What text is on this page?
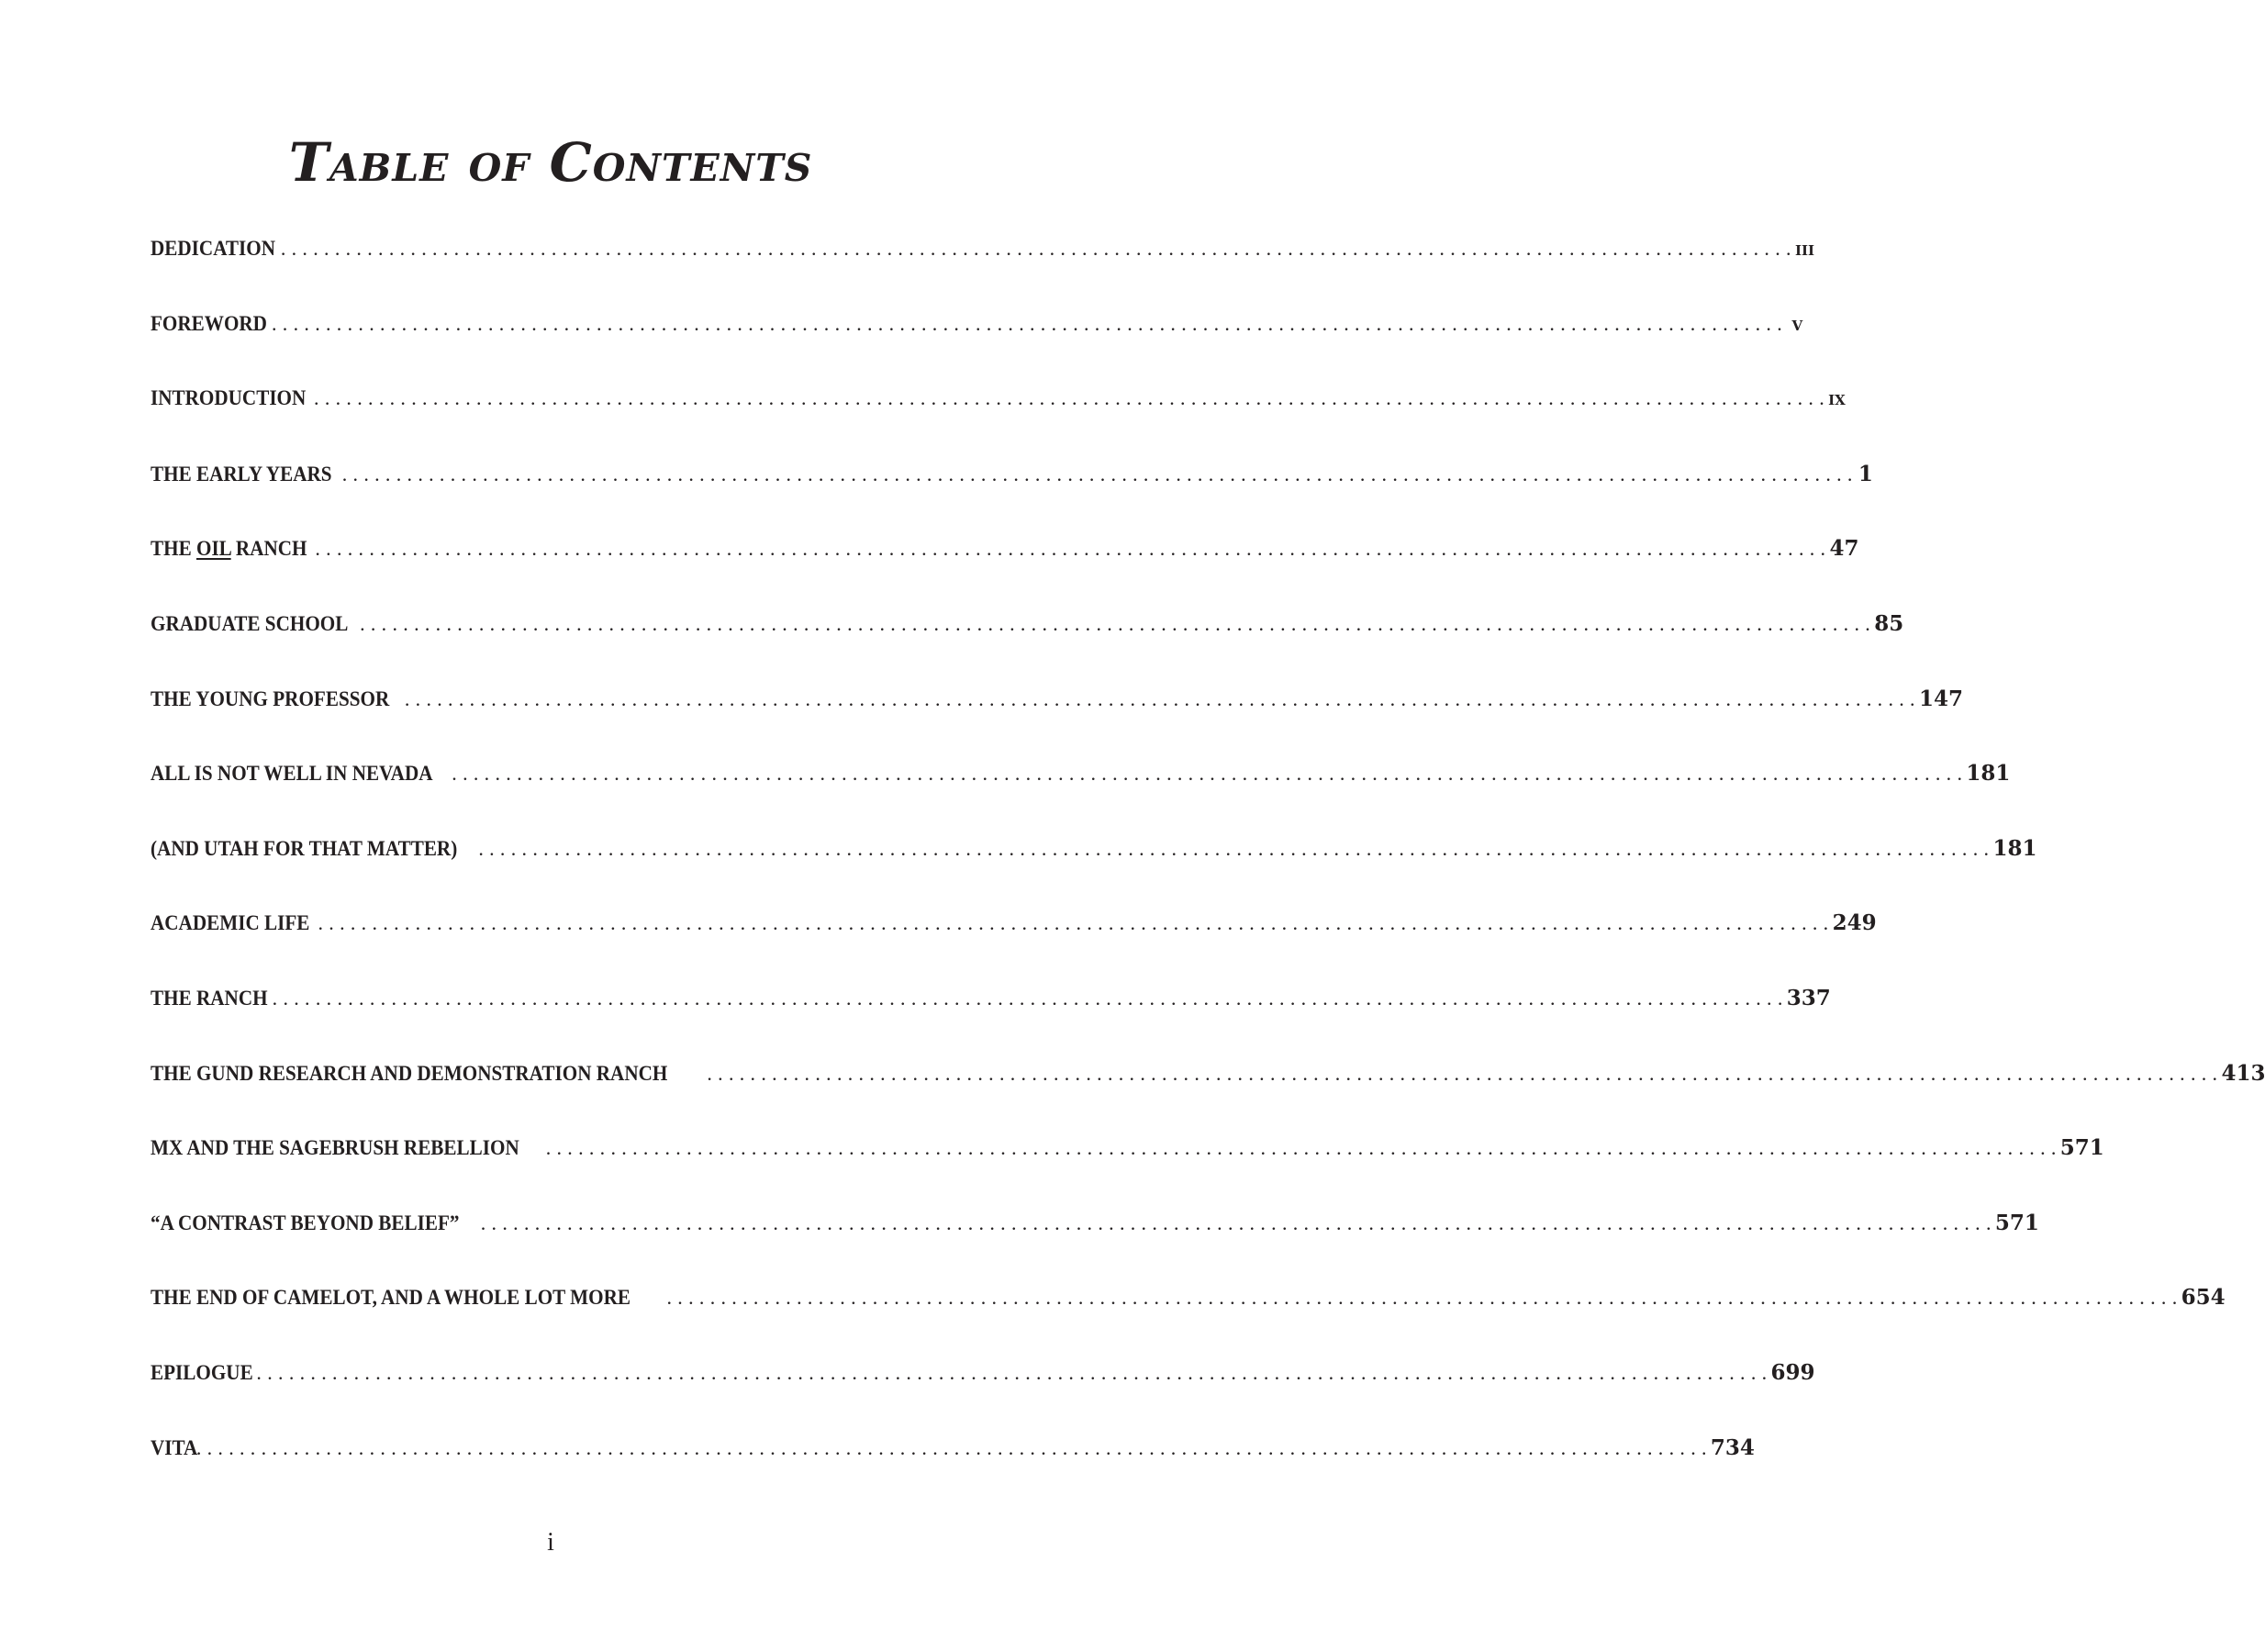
Table of Contents
DEDICATION . . . . . . . . . . . . . . . . . . . . . . . . . . . . . . . . . . . . . . . . . . . . . . . . . . . . . . . . . . . . . . . . . . . . . . . . . . . . . . . . . . . . . . . . . . . . . . . . . . . . . . . . . . . . . . . . . . . . . . . . . . . . . . . . . . . . . . . . . . . . iii
FOREWORD . . . . . . . . . . . . . . . . . . . . . . . . . . . . . . . . . . . . . . . . . . . . . . . . . . . . . . . . . . . . . . . . . . . . . . . . . . . . . . . . . . . . . . . . . . . . . . . . . . . . . . . . . . . . . . . . . . . . . . . . . . . . . . . . . . . . . . . . . . . . v
INTRODUCTION . . . . . . . . . . . . . . . . . . . . . . . . . . . . . . . . . . . . . . . . . . . . . . . . . . . . . . . . . . . . . . . . . . . . . . . . . . . . . . . . . . . . . . . . . . . . . . . . . . . . . . . . . . . . . . . . . . . . . . . . . . . . . . . . . . . . . . . . . . . . ix
THE EARLY YEARS . . . . . . . . . . . . . . . . . . . . . . . . . . . . . . . . . . . . . . . . . . . . . . . . . . . . . . . . . . . . . . . . . . . . . . . . . . . . . . . . . . . . . . . . . . . . . . . . . . . . . . . . . . . . . . . . . . . . . . . . . . . . . . . . . . . . . . . . . . . . 1
THE OIL RANCH . . . . . . . . . . . . . . . . . . . . . . . . . . . . . . . . . . . . . . . . . . . . . . . . . . . . . . . . . . . . . . . . . . . . . . . . . . . . . . . . . . . . . . . . . . . . . . . . . . . . . . . . . . . . . . . . . . . . . . . . . . . . . . . . . . . . . . . . . . . . 47
GRADUATE SCHOOL . . . . . . . . . . . . . . . . . . . . . . . . . . . . . . . . . . . . . . . . . . . . . . . . . . . . . . . . . . . . . . . . . . . . . . . . . . . . . . . . . . . . . . . . . . . . . . . . . . . . . . . . . . . . . . . . . . . . . . . . . . . . . . . . . . . . . . . . . . . . 85
THE YOUNG PROFESSOR . . . . . . . . . . . . . . . . . . . . . . . . . . . . . . . . . . . . . . . . . . . . . . . . . . . . . . . . . . . . . . . . . . . . . . . . . . . . . . . . . . . . . . . . . . . . . . . . . . . . . . . . . . . . . . . . . . . . . . . . . . . . . . . . . . . . . . . . . . . . 147
ALL IS NOT WELL IN NEVADA . . . . . . . . . . . . . . . . . . . . . . . . . . . . . . . . . . . . . . . . . . . . . . . . . . . . . . . . . . . . . . . . . . . . . . . . . . . . . . . . . . . . . . . . . . . . . . . . . . . . . . . . . . . . . . . . . . . . . . . . . . . . . . . . . . . . . . . . . . . . 181
(AND UTAH FOR THAT MATTER) . . . . . . . . . . . . . . . . . . . . . . . . . . . . . . . . . . . . . . . . . . . . . . . . . . . . . . . . . . . . . . . . . . . . . . . . . . . . . . . . . . . . . . . . . . . . . . . . . . . . . . . . . . . . . . . . . . . . . . . . . . . . . . . . . . . . . . . . . . . . 181
ACADEMIC LIFE . . . . . . . . . . . . . . . . . . . . . . . . . . . . . . . . . . . . . . . . . . . . . . . . . . . . . . . . . . . . . . . . . . . . . . . . . . . . . . . . . . . . . . . . . . . . . . . . . . . . . . . . . . . . . . . . . . . . . . . . . . . . . . . . . . . . . . . . . . . . 249
THE RANCH . . . . . . . . . . . . . . . . . . . . . . . . . . . . . . . . . . . . . . . . . . . . . . . . . . . . . . . . . . . . . . . . . . . . . . . . . . . . . . . . . . . . . . . . . . . . . . . . . . . . . . . . . . . . . . . . . . . . . . . . . . . . . . . . . . . . . . . . . . . . 337
THE GUND RESEARCH AND DEMONSTRATION RANCH . . . . . . . . . . . . . . . . . . . . . . . . . . . . . . . . . . . . . . . . . . . . . . . . . . . . . . . . . . . . . . . . . . . . . . . . . . . . . . . . . . . . . . . . . . . . . . . . . . . . . . . . . . . . . . . . . . . . . . . . . . . . . . . . . . . . . . . . . . . . 413
MX AND THE SAGEBRUSH REBELLION . . . . . . . . . . . . . . . . . . . . . . . . . . . . . . . . . . . . . . . . . . . . . . . . . . . . . . . . . . . . . . . . . . . . . . . . . . . . . . . . . . . . . . . . . . . . . . . . . . . . . . . . . . . . . . . . . . . . . . . . . . . . . . . . . . . . . . . . . . . . 571
“A CONTRAST BEYOND BELIEF” . . . . . . . . . . . . . . . . . . . . . . . . . . . . . . . . . . . . . . . . . . . . . . . . . . . . . . . . . . . . . . . . . . . . . . . . . . . . . . . . . . . . . . . . . . . . . . . . . . . . . . . . . . . . . . . . . . . . . . . . . . . . . . . . . . . . . . . . . . . . 571
THE END OF CAMELOT, AND A WHOLE LOT MORE . . . . . . . . . . . . . . . . . . . . . . . . . . . . . . . . . . . . . . . . . . . . . . . . . . . . . . . . . . . . . . . . . . . . . . . . . . . . . . . . . . . . . . . . . . . . . . . . . . . . . . . . . . . . . . . . . . . . . . . . . . . . . . . . . . . . . . . . . . . . 654
EPILOGUE . . . . . . . . . . . . . . . . . . . . . . . . . . . . . . . . . . . . . . . . . . . . . . . . . . . . . . . . . . . . . . . . . . . . . . . . . . . . . . . . . . . . . . . . . . . . . . . . . . . . . . . . . . . . . . . . . . . . . . . . . . . . . . . . . . . . . . . . . . . . 699
VITA
. . . . . . . . . . . . . . . . . . . . . . . . . . . . . . . . . . . . . . . . . . . . . . . . . . . . . . . . . . . . . . . . . . . . . . . . . . . . . . . . . . . . . . . . . . . . . . . . . . . . . . . . . . . . . . . . . . . . . . . . . . . . . . . . . . . . . . . . . . . . 734
i
